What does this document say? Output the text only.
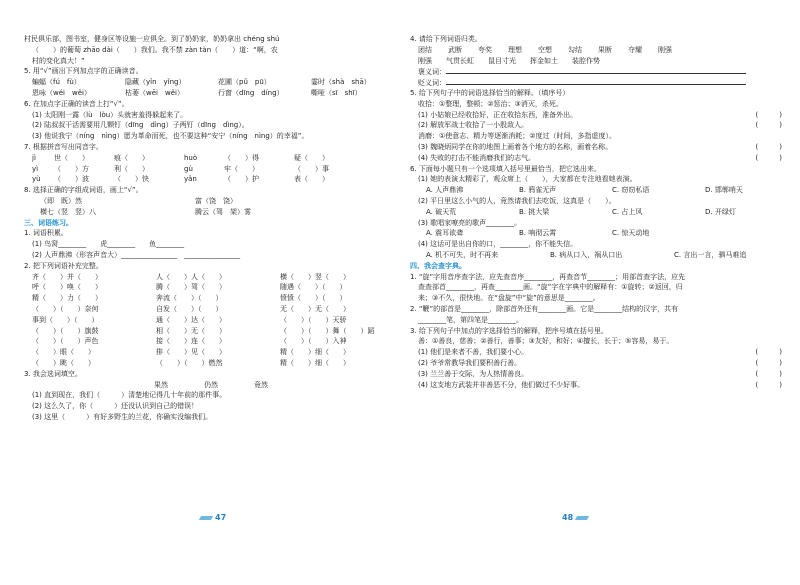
村民俱乐部，图书室，健身区等设施一应俱全。到了奶奶家，奶奶拿出 chéng shú
（　　）的葡萄 zhāo dài（　　）我们。我不禁 zàn tàn（　　）道：“啊，农
村的变化真大！”
5. 用“√”画出下列加点字的正确读音。
蝙蝠（fú　fù）	隐藏（yǐn　yǐng）	花圃（pǔ　pū）	霎时（shà　shā）
恩咏（wéi　wěi）	枯萎（wēi　wěi）	行窗（dīng　díng）	嘶哑（sī　shī）
6. 在加点字正确的读音上打“√”。
(1) 太阳刚一露（lù　lòu）头就害羞得躲起来了。
(2) 陆叔叔干活需要用几颗钉（dīng　dìng）子两钉（dīng　dìng）。
(3) 他说我宁（níng　nìng）愿为革命而死，也不要这种“安宁（níng　nìng）的幸福”。
7. 根据拼音写出同音字。
jì	世（　　）	痕（　　）	huò	（　　）得	疑（　　）
yì	（　　）方	利（　　）	gù	牢（　　）	（　　）事
yù	（　　）波	（　　）快	yǎn	（　　）护	表（　　）
8. 选择正确的字组成词语，画上“√”。
（即　既）然	富（饶　饶）
横七（竖　竖）八	腾云（驾　架）雾
三、词语练习。
1. 词语积累。
(1) 鸟窝________　　虎________　　鱼________
(2) 人声鼎沸（形容声音大）________________　________________
2. 把下列词语补充完整。
齐（　　）并（　　）	人（　　）人（　　）	横（　　）竖（　　）
呼（　　）唤（　　）	腾（　　）驾（　　）	随遇（　　）（　　）
精（　　）力（　　）	奔流（　　）（　　）	愤愤（　　）（　　）
（　　）（　　）奈何	自发（　　）（　　）	无（　　）无（　　）
事到（　　）（　　）	通（　　）达（　　）	（　　）（　　）天骄
（　　）（　　）旗鼓	相（　　）无（　　）	（　　）（　　）舞（　　）蹈
（　　）（　　）声色	接（　　）连（　　）	（　　）（　　）入神
（　　）眼（　　）	排（　　）见（　　）	精（　　）细（　　）
（　　）眺（　　）	（　　）（　　）燃然	精（　　）细（　　）
3. 我会选词填空。
果然	仍然	竟然
(1) 直到现在，我们（　　　）清楚地记得几十年前的那件事。
(2) 这么久了，你（　　　）还没认识到自己的错误！
(3) 这里（　　　）有好多野生的兰花，你确实没编我们。
47
4. 请给下列词语归类。
团结 武断 夸奖 理想 空想 勾结 果断 夺耀 刚强
刚强 气贯长虹 鼠目寸光 挥金如土 装腔作势
褒义词：
贬义词：
5. 给下列句子中的词语选择恰当的解释。（填序号）
收拾：①整理，整顿；②惩治；③消灭，杀死。
(1) 小姑娘已经收拾好，正在收拾东西，准备外出。	(　　　)
(2) 解放军战士收拾了一小股敌人。	(　　　)
消磨：①使意志、精力等逐渐消耗；②度过（时间，多指虚度）。
(3) 魏晓炳同学在你的地图上画着各个地方的名称，画着名称。	(　　　)
(4) 失败的打击不能消磨我们的志气。	(　　　)
6. 下面每小题只有一个选项填入括号里最恰当，把它选出来。
(1) 她的表演太精彩了，观众席上（　　），大家都在专注地看她表演。
A. 人声鼎沸	B. 鸦雀无声	C. 窃窃私语	D. 邯郸哨天
(2) 平日里这么小气的人，竟然请我们去吃饭，这真是（　　）。
A. 破天荒	B. 挑大梁	C. 占上风	D. 开绿灯
(3) 歌唱家嘹亮的歌声________。
A. 震耳欲聋	B. 响彻云霄	C. 惊天动地
(4) 这话可是出自你的口，________，你不能失信。
A. 机不可失，时不再来	B. 病从口入，祸从口出	C. 言出一言，驷马难追
四、我会查字典。
1. “旋”字用音序查字法，应先查音序________，再查音节________；用部首查字法，应先
查查部首________，再查________画。“旋”字在字典中的解释有：①旋转；②返回，归
来；③不久，很快地。在“盘旋”中“旋”的意思是________。
2. “鞭”的部首是________，除部首外还有________画。它是________结构的汉字，共有
________笔，第四笔是________。
3. 给下列句子中加点的字选择恰当的解释，把序号填在括号里。
善：①善良，慈善；②善行，善事；③友好，和好；④擅长，长于；⑤容易，易于。
(1) 他们是来者不善，我们要小心。	(　　　)
(2) 爷爷常教导我们要积善行善。	(　　　)
(3) 兰兰善于交际，为人热情善良。	(　　　)
(4) 这支地方武装并非善恶不分，他们做过不少好事。	(　　　)
48
